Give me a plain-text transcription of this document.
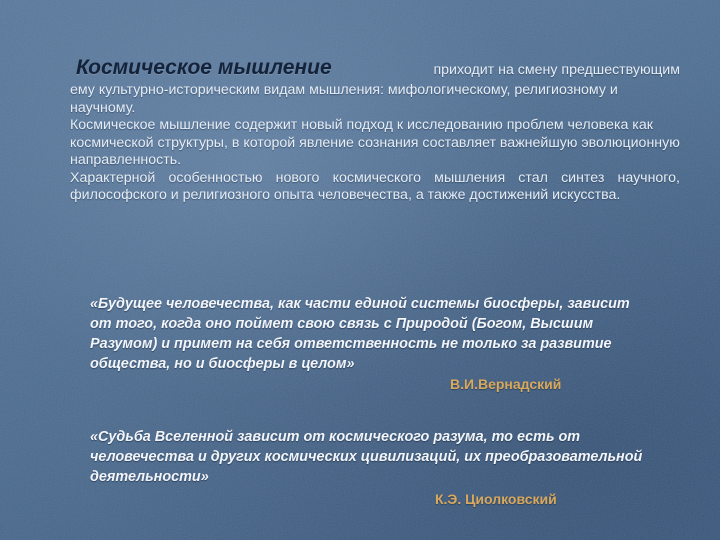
Космическое мышление	приходит на смену предшествующим

ему культурно-историческим видам мышления: мифологическому, религиозному и научному.

Космическое мышление содержит новый подход к исследованию проблем человека как космической структуры, в которой явление сознания составляет важнейшую эволюционную направленность.

Характерной особенностью нового космического мышления стал синтез научного, философского и религиозного опыта человечества, а также достижений искусства.

«Будущее человечества, как части единой системы биосферы, зависит от того, когда оно поймет свою связь с Природой (Богом, Высшим Разумом) и примет на себя ответственность не только за развитие общества, но и биосферы в целом»

В.И.Вернадский

«Судьба Вселенной зависит от космического разума, то есть от человечества и других космических цивилизаций, их преобразовательной деятельности»

К.Э. Циолковский
